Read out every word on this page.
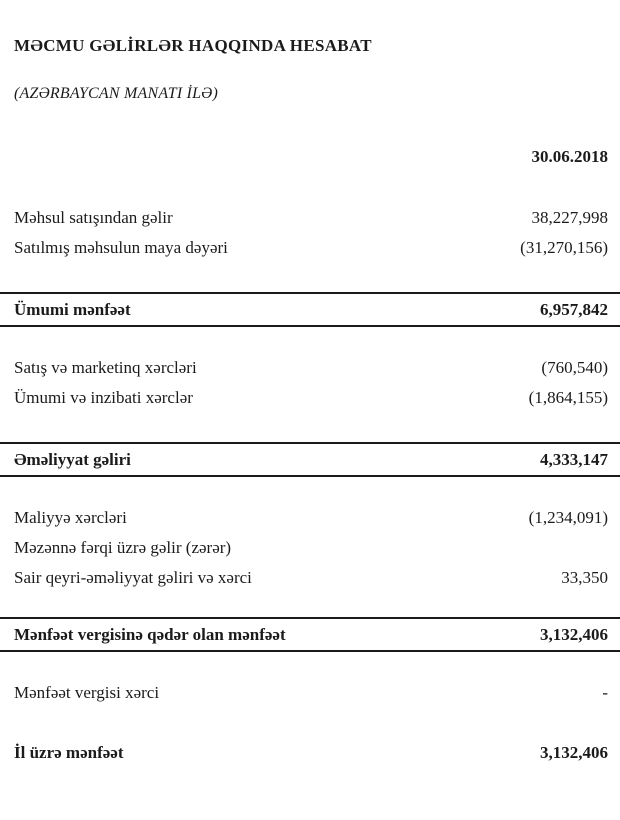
MƏCMU GƏLİRLƏR HAQQINDA HESABAT
(AZƏRBAYCAN MANATI İLƏ)
30.06.2018
Məhsul satışından gəlir	38,227,998
Satılmış məhsulun maya dəyəri	(31,270,156)
Ümumi mənfəət	6,957,842
Satış və marketinq xərcləri	(760,540)
Ümumi və inzibati xərclər	(1,864,155)
Əməliyyat gəliri	4,333,147
Maliyyə xərcləri	(1,234,091)
Məzənnə fərqi üzrə gəlir (zərər)
Sair qeyri-əməliyyat gəliri və xərci	33,350
Mənfəət vergisinə qədər olan mənfəət	3,132,406
Mənfəət vergisi xərci	-
İl üzrə mənfəət	3,132,406
